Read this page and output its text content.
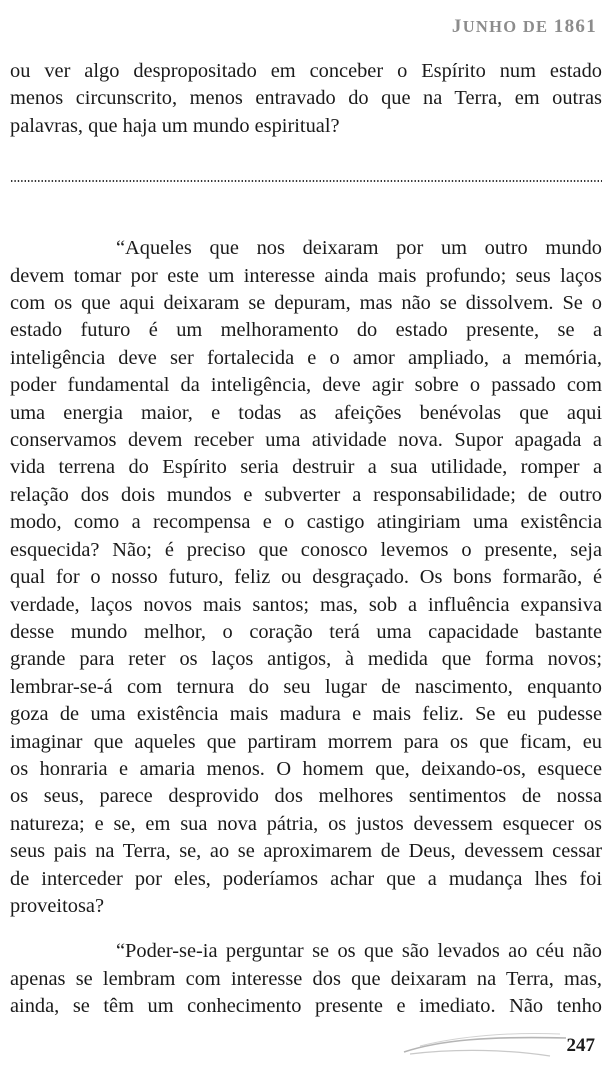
JUNHO DE 1861
ou ver algo despropositado em conceber o Espírito num estado
menos circunscrito, menos entravado do que na Terra, em outras
palavras, que haja um mundo espiritual?
“Aqueles que nos deixaram por um outro mundo
devem tomar por este um interesse ainda mais profundo; seus laços
com os que aqui deixaram se depuram, mas não se dissolvem. Se o
estado futuro é um melhoramento do estado presente, se a
inteligência deve ser fortalecida e o amor ampliado, a memória,
poder fundamental da inteligência, deve agir sobre o passado com
uma energia maior, e todas as afeições benévolas que aqui
conservamos devem receber uma atividade nova. Supor apagada a
vida terrena do Espírito seria destruir a sua utilidade, romper a
relação dos dois mundos e subverter a responsabilidade; de outro
modo, como a recompensa e o castigo atingiriam uma existência
esquecida? Não; é preciso que conosco levemos o presente, seja
qual for o nosso futuro, feliz ou desgraçado. Os bons formarão, é
verdade, laços novos mais santos; mas, sob a influência expansiva
desse mundo melhor, o coração terá uma capacidade bastante
grande para reter os laços antigos, à medida que forma novos;
lembrar-se-á com ternura do seu lugar de nascimento, enquanto
goza de uma existência mais madura e mais feliz. Se eu pudesse
imaginar que aqueles que partiram morrem para os que ficam, eu
os honraria e amaria menos. O homem que, deixando-os, esquece
os seus, parece desprovido dos melhores sentimentos de nossa
natureza; e se, em sua nova pátria, os justos devessem esquecer os
seus pais na Terra, se, ao se aproximarem de Deus, devessem cessar
de interceder por eles, poderíamos achar que a mudança lhes foi
proveitosa?
“Poder-se-ia perguntar se os que são levados ao céu não
apenas se lembram com interesse dos que deixaram na Terra, mas,
ainda, se têm um conhecimento presente e imediato. Não tenho
247
